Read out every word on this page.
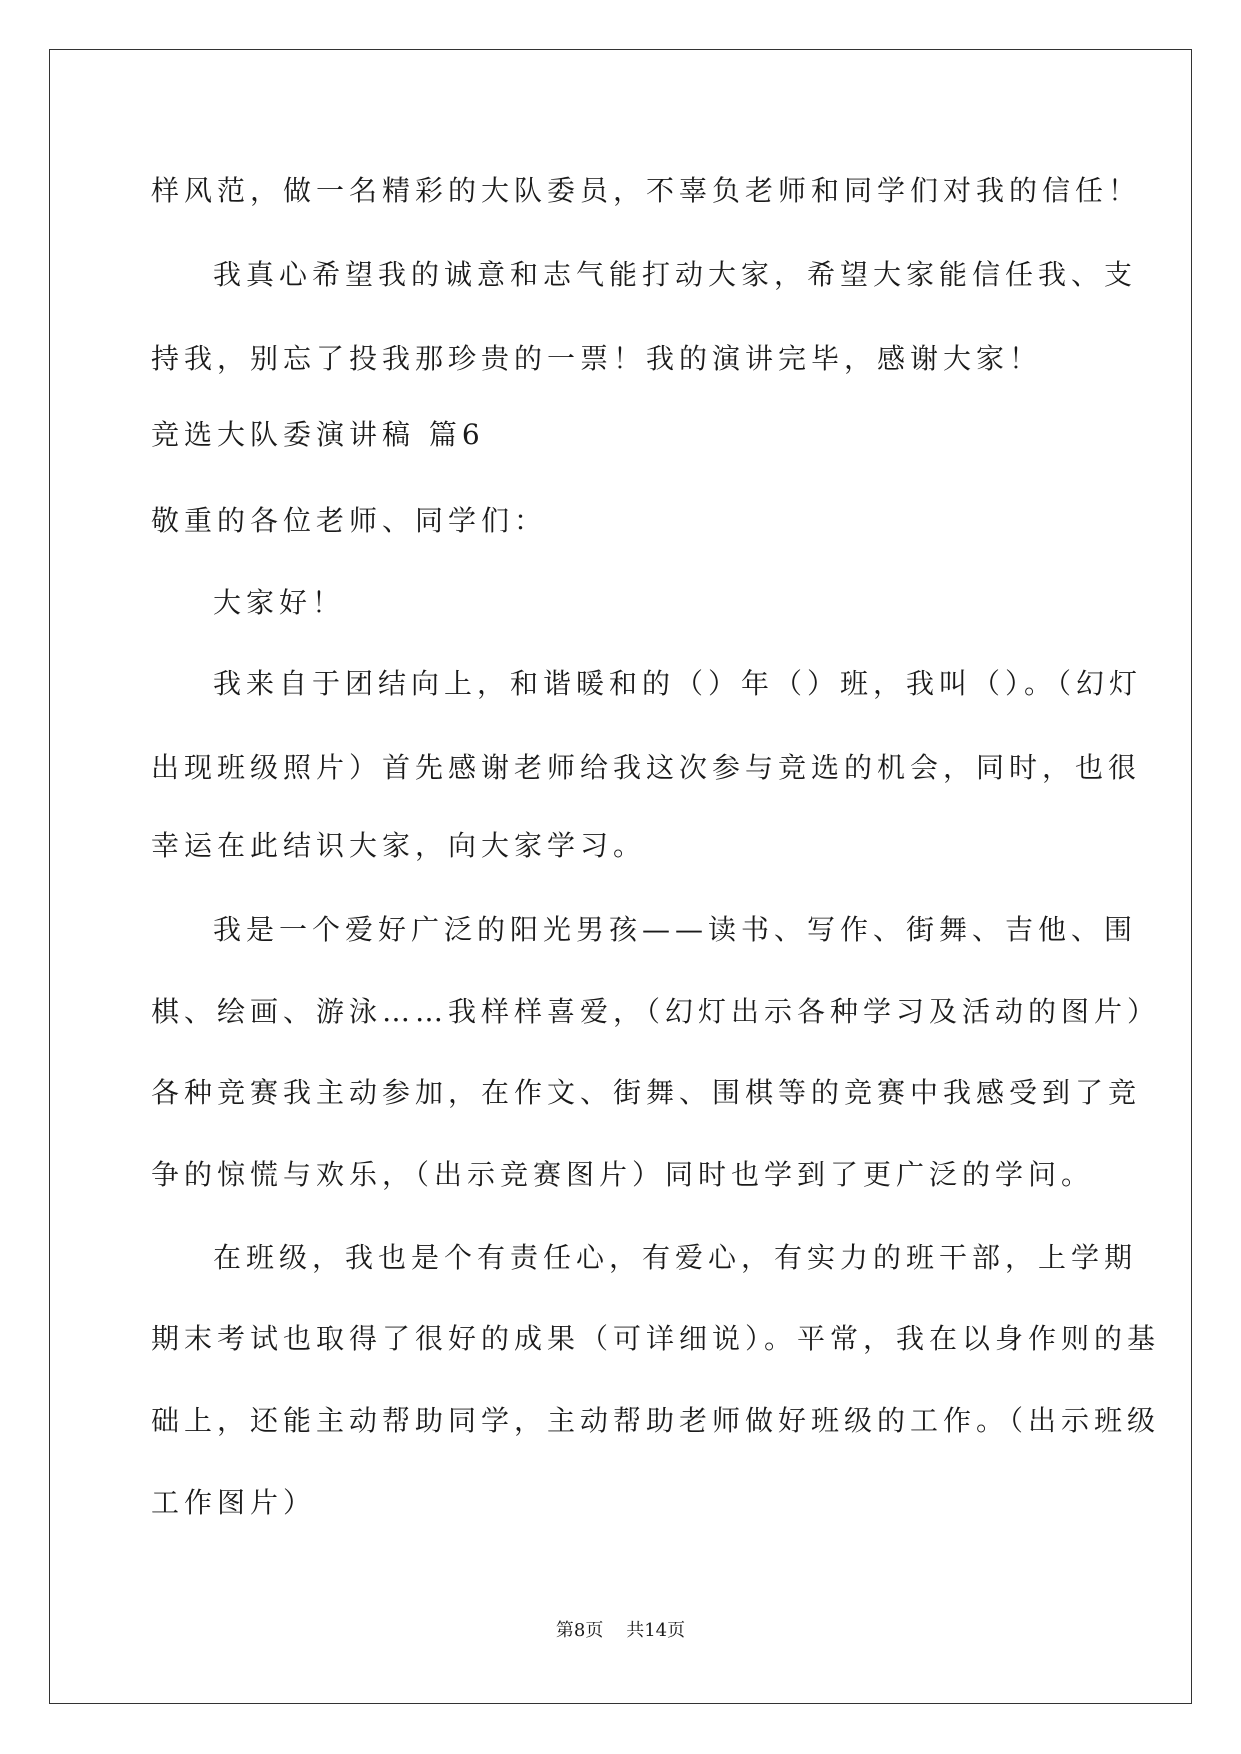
样风范，做一名精彩的大队委员，不辜负老师和同学们对我的信任！
我真心希望我的诚意和志气能打动大家，希望大家能信任我、支
持我，别忘了投我那珍贵的一票！我的演讲完毕，感谢大家！
竞选大队委演讲稿 篇6
敬重的各位老师、同学们：
大家好！
我来自于团结向上，和谐暖和的（）年（）班，我叫（）。（幻灯
出现班级照片）首先感谢老师给我这次参与竞选的机会，同时，也很
幸运在此结识大家，向大家学习。
我是一个爱好广泛的阳光男孩——读书、写作、街舞、吉他、围
棋、绘画、游泳……我样样喜爱，（幻灯出示各种学习及活动的图片）
各种竞赛我主动参加，在作文、街舞、围棋等的竞赛中我感受到了竞
争的惊慌与欢乐，（出示竞赛图片）同时也学到了更广泛的学问。
在班级，我也是个有责任心，有爱心，有实力的班干部，上学期
期末考试也取得了很好的成果（可详细说）。平常，我在以身作则的基
础上，还能主动帮助同学，主动帮助老师做好班级的工作。（出示班级
工作图片）
第8页    共14页
